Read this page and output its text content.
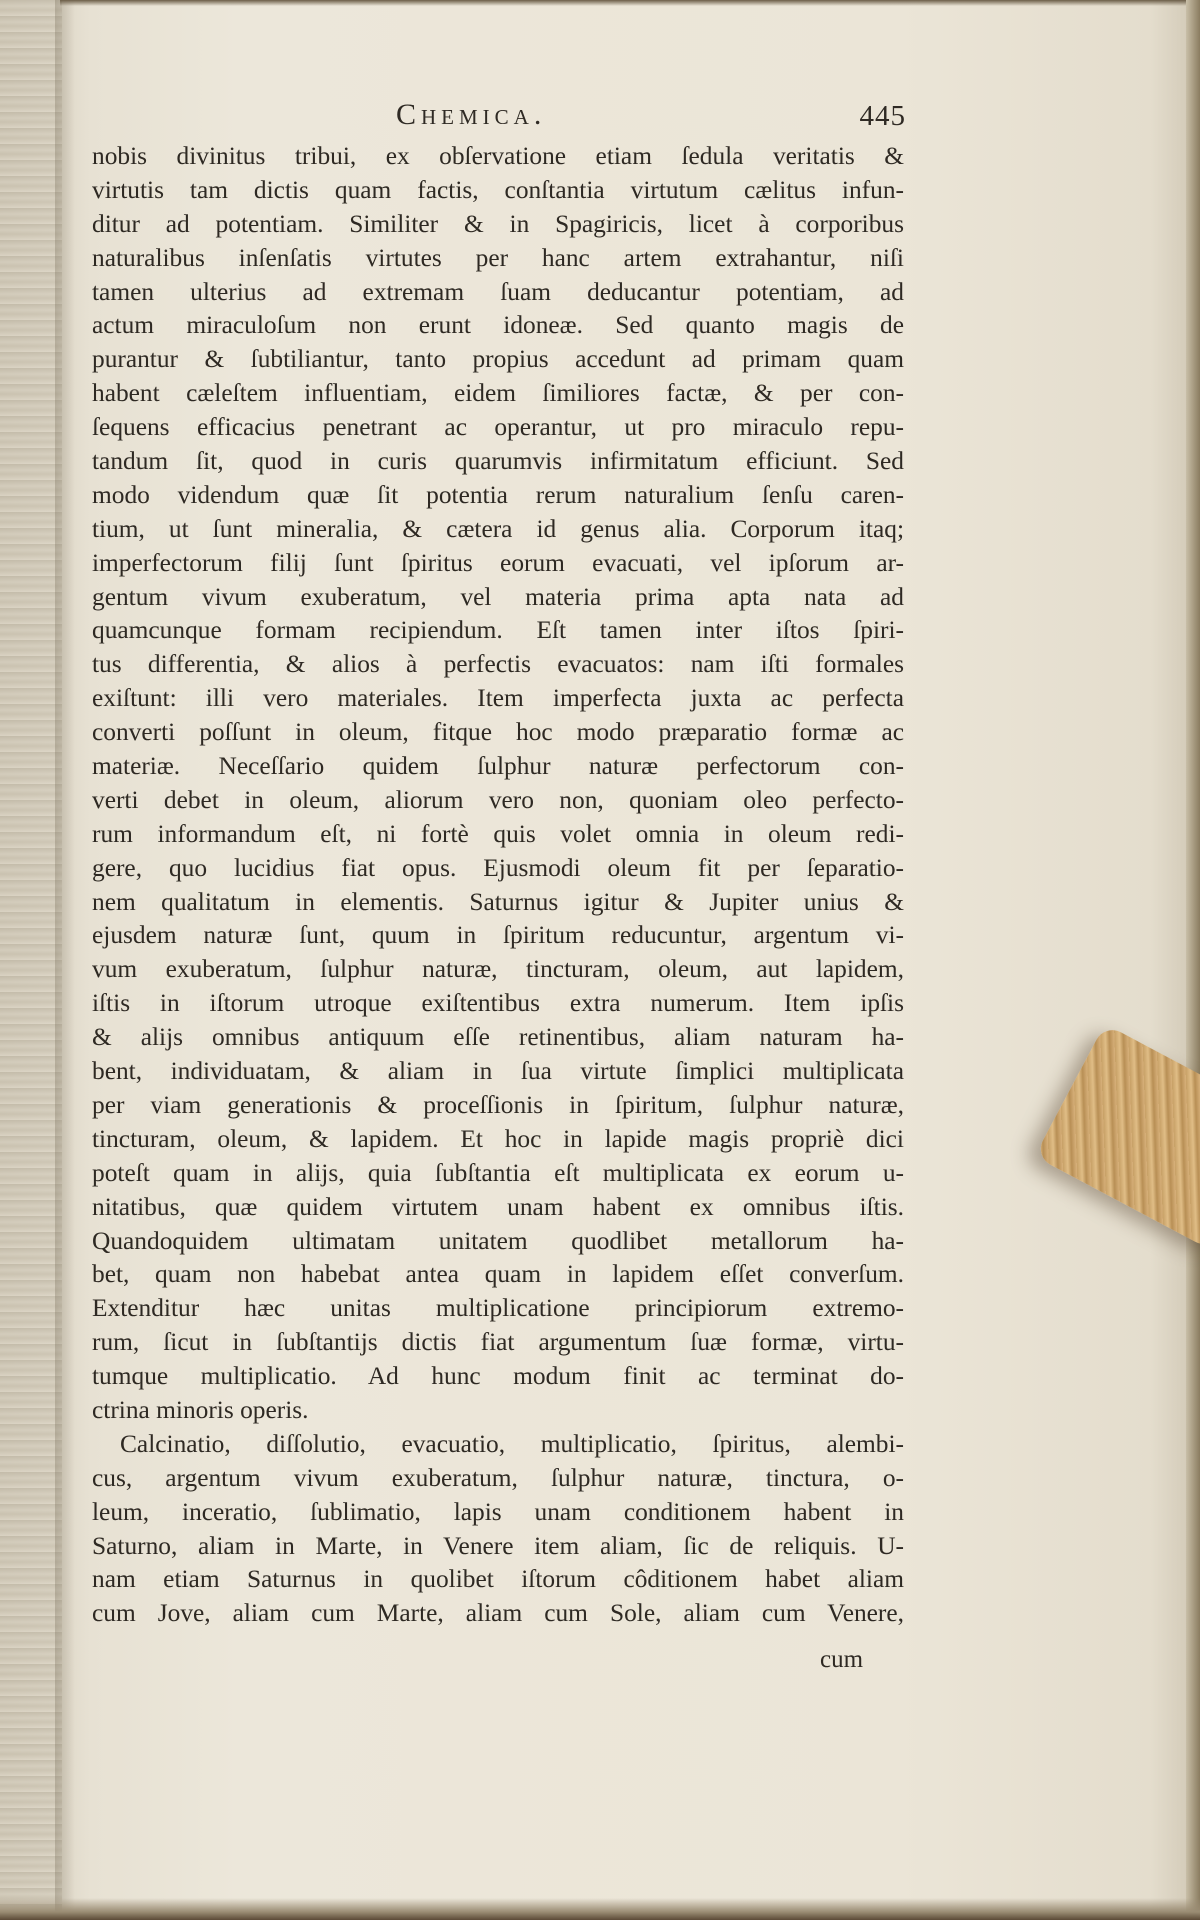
Chemica.	445
nobis divinitus tribui, ex obſervatione etiam ſedula veritatis &
virtutis tam dictis quam factis, conſtantia virtutum cælitus infun-
ditur ad potentiam. Similiter & in Spagiricis, licet à corporibus
naturalibus inſenſatis virtutes per hanc artem extrahantur, niſi
tamen ulterius ad extremam ſuam deducantur potentiam, ad
actum miraculoſum non erunt idoneæ. Sed quanto magis de
purantur & ſubtiliantur, tanto propius accedunt ad primam quam
habent cæleſtem influentiam, eidem ſimiliores factæ, & per con-
ſequens efficacius penetrant ac operantur, ut pro miraculo repu-
tandum ſit, quod in curis quarumvis infirmitatum efficiunt. Sed
modo videndum quæ ſit potentia rerum naturalium ſenſu caren-
tium, ut ſunt mineralia, & cætera id genus alia. Corporum itaq;
imperfectorum filij ſunt ſpiritus eorum evacuati, vel ipſorum ar-
gentum vivum exuberatum, vel materia prima apta nata ad
quamcunque formam recipiendum. Eſt tamen inter iſtos ſpiri-
tus differentia, & alios à perfectis evacuatos: nam iſti formales
exiſtunt: illi vero materiales. Item imperfecta juxta ac perfecta
converti poſſunt in oleum, fitque hoc modo præparatio formæ ac
materiæ. Neceſſario quidem ſulphur naturæ perfectorum con-
verti debet in oleum, aliorum vero non, quoniam oleo perfecto-
rum informandum eſt, ni fortè quis volet omnia in oleum redi-
gere, quo lucidius fiat opus. Ejusmodi oleum fit per ſeparatio-
nem qualitatum in elementis. Saturnus igitur & Jupiter unius &
ejusdem naturæ ſunt, quum in ſpiritum reducuntur, argentum vi-
vum exuberatum, ſulphur naturæ, tincturam, oleum, aut lapidem,
iſtis in iſtorum utroque exiſtentibus extra numerum. Item ipſis
& alijs omnibus antiquum eſſe retinentibus, aliam naturam ha-
bent, individuatam, & aliam in ſua virtute ſimplici multiplicata
per viam generationis & proceſſionis in ſpiritum, ſulphur naturæ,
tincturam, oleum, & lapidem. Et hoc in lapide magis propriè dici
poteſt quam in alijs, quia ſubſtantia eſt multiplicata ex eorum u-
nitatibus, quæ quidem virtutem unam habent ex omnibus iſtis.
Quandoquidem ultimatam unitatem quodlibet metallorum ha-
bet, quam non habebat antea quam in lapidem eſſet converſum.
Extenditur hæc unitas multiplicatione principiorum extremo-
rum, ſicut in ſubſtantijs dictis fiat argumentum ſuæ formæ, virtu-
tumque multiplicatio. Ad hunc modum finit ac terminat do-
ctrina minoris operis.
Calcinatio, diſſolutio, evacuatio, multiplicatio, ſpiritus, alembi-
cus, argentum vivum exuberatum, ſulphur naturæ, tinctura, o-
leum, inceratio, ſublimatio, lapis unam conditionem habent in
Saturno, aliam in Marte, in Venere item aliam, ſic de reliquis. U-
nam etiam Saturnus in quolibet iſtorum côditionem habet aliam
cum Jove, aliam cum Marte, aliam cum Sole, aliam cum Venere,
cum
